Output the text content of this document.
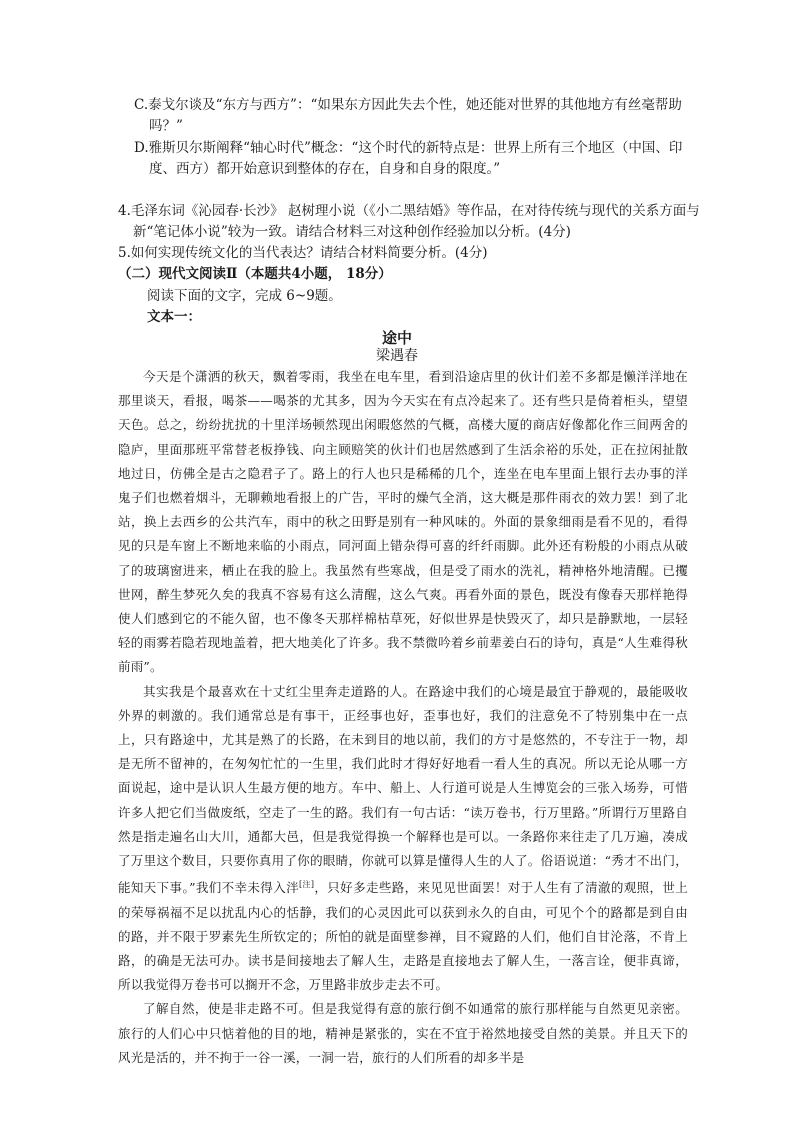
C.泰戈尔谈及“东方与西方”：“如果东方因此失去个性，她还能对世界的其他地方有丝毫帮助吗？”
D.雅斯贝尔斯阐释“轴心时代”概念：“这个时代的新特点是：世界上所有三个地区（中国、印度、西方）都开始意识到整体的存在，自身和自身的限度。”
4.毛泽东词《沁园春·长沙》 赵树理小说（《小二黑结婚》等作品，在对待传统与现代的关系方面与新“笔记体小说”较为一致。请结合材料三对这种创作经验加以分析。(4分)
5.如何实现传统文化的当代表达？请结合材料简要分析。(4分)
（二）现代文阅读Ⅱ（本题共4小题， 18分）
阅读下面的文字，完成 6~9题。
文本一：
途中
梁遇春

今天是个潇洒的秋天，飘着零雨，我坐在电车里，看到沿途店里的伙计们差不多都是懒洋洋地在那里谈天，看报，喝茶——喝茶的尤其多，因为今天实在有点冷起来了。还有些只是倚着柜头，望望天色。总之，纷纷扰扰的十里洋场顿然现出闲暇悠然的气概，高楼大厦的商店好像都化作三间两舍的隐庐，里面那班平常替老板挣钱、向主顾赔笑的伙计们也居然感到了生活余裕的乐处，正在拉闲扯散地过日，仿佛全是古之隐君子了。路上的行人也只是稀稀的几个，连坐在电车里面上银行去办事的洋鬼子们也燃着烟斗，无聊赖地看报上的广告，平时的燥气全消，这大概是那件雨衣的效力罢！到了北站，换上去西乡的公共汽车，雨中的秋之田野是别有一种风味的。外面的景象细雨是看不见的，看得见的只是车窗上不断地来临的小雨点，同河面上错杂得可喜的纤纤雨脚。此外还有粉般的小雨点从破了的玻璃窗进来，栖止在我的脸上。我虽然有些寒战，但是受了雨水的洗礼，精神格外地清醒。已攫世网，醉生梦死久矣的我真不容易有这么清醒，这么气爽。再看外面的景色，既没有像春天那样艳得使人们感到它的不能久留，也不像冬天那样棉枯草死，好似世界是快毁灭了，却只是静默地，一层轻轻的雨雾若隐若现地盖着，把大地美化了许多。我不禁微吟着乡前辈姜白石的诗句，真是“人生难得秋前雨”。

其实我是个最喜欢在十丈红尘里奔走道路的人。在路途中我们的心境是最宜于静观的，最能吸收外界的刺激的。我们通常总是有事干，正经事也好，歪事也好，我们的注意免不了特别集中在一点上，只有路途中，尤其是熟了的长路，在未到目的地以前，我们的方寸是悠然的，不专注于一物，却是无所不留神的，在匆匆忙忙的一生里，我们此时才得好好地看一看人生的真况。所以无论从哪一方面说起，途中是认识人生最方便的地方。车中、船上、人行道可说是人生博览会的三张入场券，可惜许多人把它们当做废纸，空走了一生的路。我们有一句古话：“读万卷书，行万里路。”所谓行万里路自然是指走遍名山大川，通都大邑，但是我觉得换一个解释也是可以。一条路你来往走了几万遍，凑成了万里这个数目，只要你真用了你的眼睛，你就可以算是懂得人生的人了。俗语说道：“秀才不出门，能知天下事。”我们不幸未得入泮[注]，只好多走些路，来见见世面罢！对于人生有了清澈的观照，世上的荣辱祸福不足以扰乱内心的恬静，我们的心灵因此可以获到永久的自由，可见个个的路都是到自由的路，并不限于罗素先生所钦定的；所怕的就是面壁参禅，目不窥路的人们，他们自甘沦落，不肯上路，的确是无法可办。读书是间接地去了解人生，走路是直接地去了解人生，一落言诠，便非真谛，所以我觉得万卷书可以搁开不念，万里路非放步走去不可。

了解自然，使是非走路不可。但是我觉得有意的旅行倒不如通常的旅行那样能与自然更见亲密。旅行的人们心中只惦着他的目的地，精神是紧张的，实在不宜于裕然地接受自然的美景。并且天下的风光是活的，并不拘于一谷一溪，一洞一岩，旅行的人们所看的却多半是
